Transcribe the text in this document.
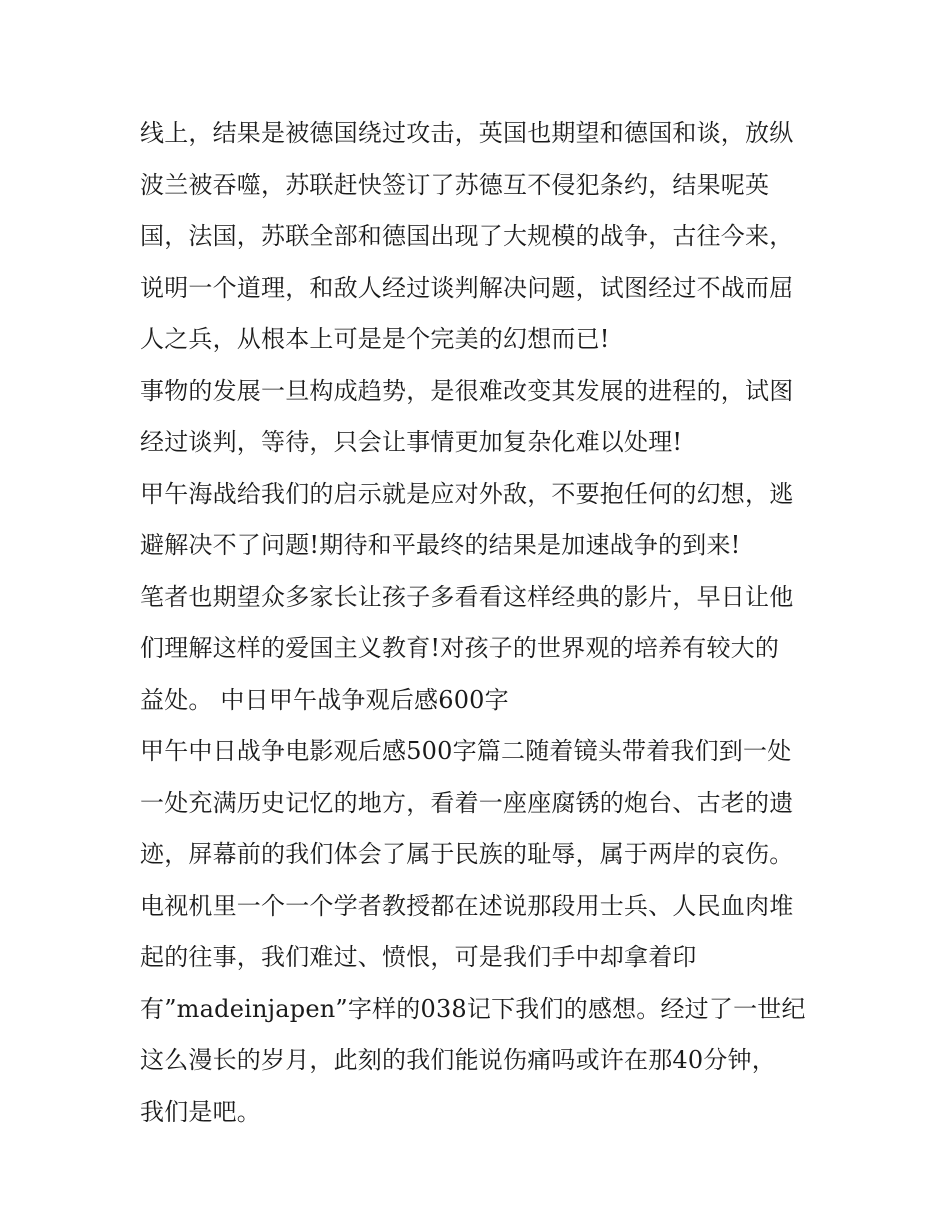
线上，结果是被德国绕过攻击，英国也期望和德国和谈，放纵
波兰被吞噬，苏联赶快签订了苏德互不侵犯条约，结果呢英
国，法国，苏联全部和德国出现了大规模的战争，古往今来，
说明一个道理，和敌人经过谈判解决问题，试图经过不战而屈
人之兵，从根本上可是是个完美的幻想而已!
事物的发展一旦构成趋势，是很难改变其发展的进程的，试图
经过谈判，等待，只会让事情更加复杂化难以处理!
甲午海战给我们的启示就是应对外敌，不要抱任何的幻想，逃
避解决不了问题!期待和平最终的结果是加速战争的到来!
笔者也期望众多家长让孩子多看看这样经典的影片，早日让他
们理解这样的爱国主义教育!对孩子的世界观的培养有较大的
益处。 中日甲午战争观后感600字
甲午中日战争电影观后感500字篇二随着镜头带着我们到一处
一处充满历史记忆的地方，看着一座座腐锈的炮台、古老的遗
迹，屏幕前的我们体会了属于民族的耻辱，属于两岸的哀伤。
电视机里一个一个学者教授都在述说那段用士兵、人民血肉堆
起的往事，我们难过、愤恨，可是我们手中却拿着印
有”madeinjapen”字样的038记下我们的感想。经过了一世纪
这么漫长的岁月，此刻的我们能说伤痛吗或许在那40分钟，
我们是吧。
